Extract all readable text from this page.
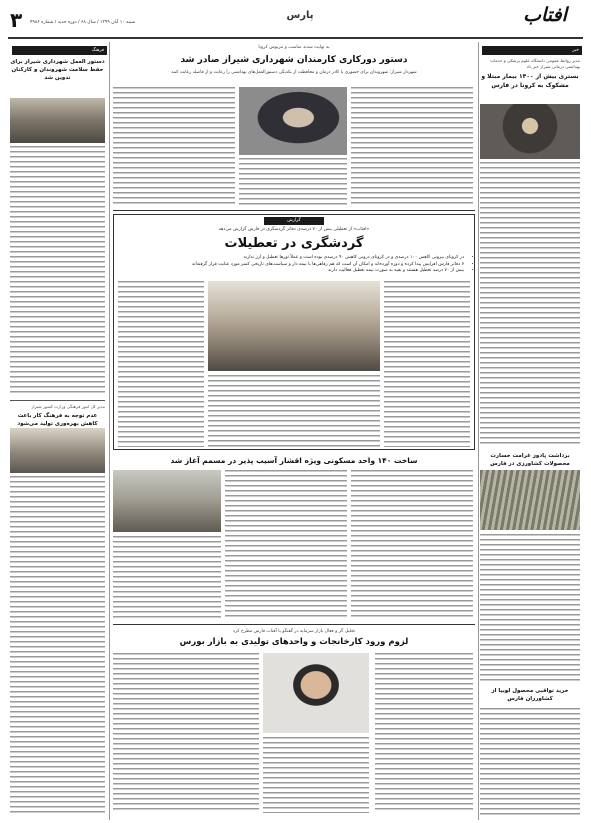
۳ شنبه ۱۰ آبان ۱۳۹۹ / سال ۶۸ / دوره جدید / شماره ۴۹۸۶
پارس	افتاب
فرهنگ
دستور العمل شهرداری شیراز برای حفظ سلامت شهروندان و کارکنان تدوین شد
مدیر کل امور فرهنگی وزارت کشور شیراز
عدم توجه به فرهنگ کار باعث کاهش بهره‌وری تولید می‌شود
خبر
مدیر روابط عمومی دانشگاه علوم پزشکی و خدمات بهداشتی درمانی شیراز خبر داد
بستری بیش از ۱۴۰۰ بیمار مبتلا و مشکوک به کرونا در فارس
برداشت پادوز غرامت خسارت محصولات کشاورزی در فارس
خرید تواقبی محصول لوبیا از کشاورزان فارس
به نهایت شدند مناسب و مربوس کرونا
دستور دورکاری کارمندان شهرداری شیراز صادر شد
شهردار شیراز: شهروندان برای حضوری با کادر درمان و محافظت از یکدیگر، دستورالعمل‌های بهداشتی را رعایت و از فاصله رعایت کنند
گزارش
«افتاب» از تعطیلی بیش از ۷۰ درصدی دفاتر گردشگری در فارس گزارش می‌دهد
گردشگری در تعطیلات
• در کرونای بیرونی کاهش ۱۰۰ درصدی و در کرونای درونی کاهش ۹۰ درصدی بوده است و عملاً تورها تعطیل و ارز ندارند
• ۷ دفاتر فارس افزایش پیدا کرده و دوره آورده‌اند و امکان آن است که هم رفاهی‌ها با نیمه دار و سیاست‌های تاریخی کمتر مورد عنایت قرار گرفته‌اند
• بیش از ۷۰ درصد تعطیل هستند و بقیه به صورت نیمه تعطیل فعالیت دارند
ساخت ۱۴۰ واحد مسکونی ویژه اقشار آسیب پذیر در مسمم آغاز شد
تحلیل گر و فعال بازار سرمایه در گفتگو با آفتاب فارس مطرح کرد
لزوم ورود کارخانجات و واحدهای تولیدی به بازار بورس
